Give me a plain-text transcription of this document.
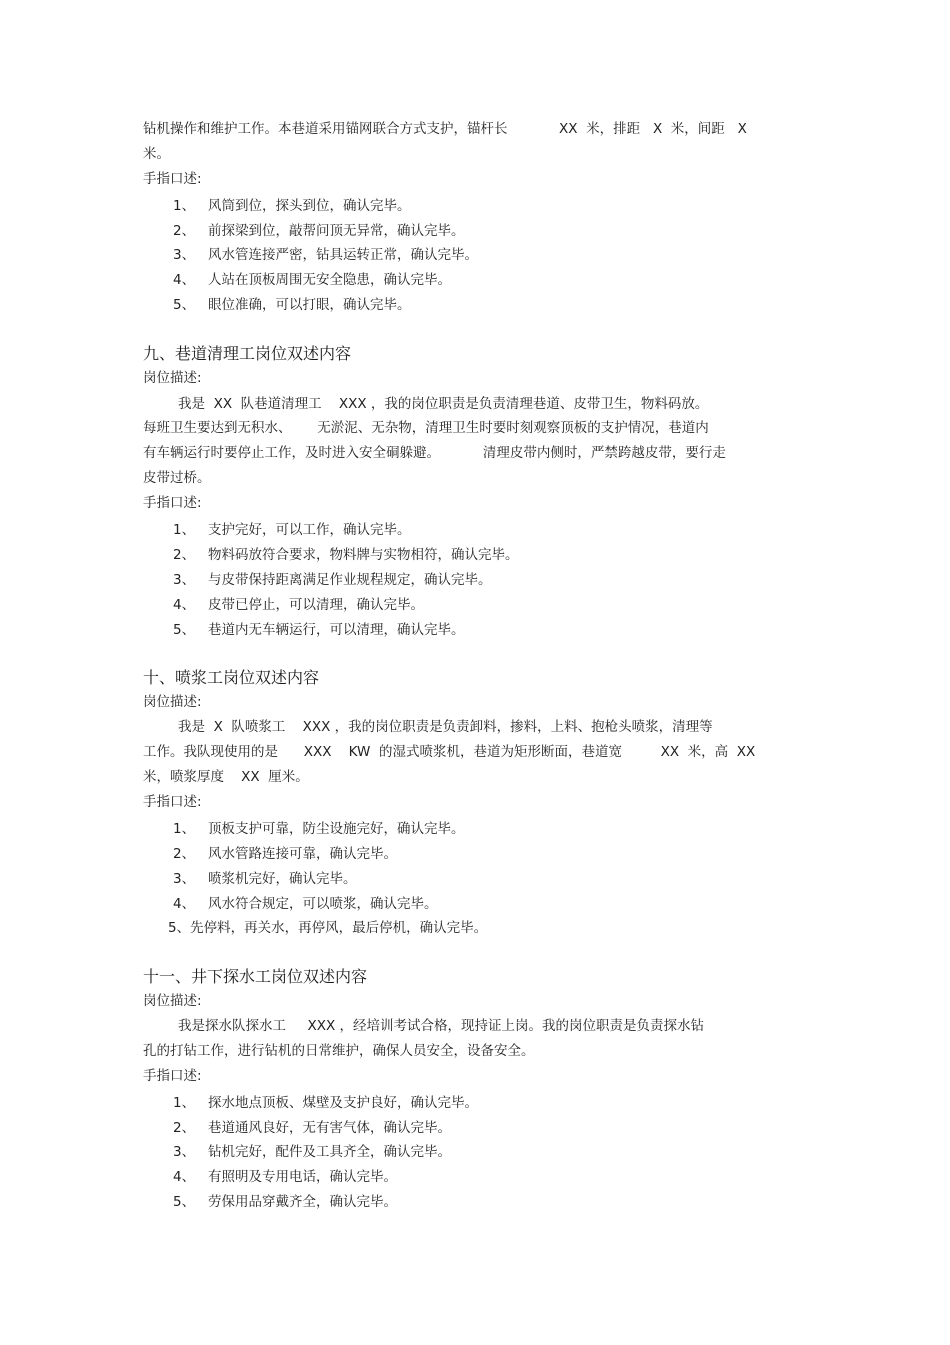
钻机操作和维护工作。本巷道采用锚网联合方式支护，锚杆长            XX  米，排距   X  米，间距   X
米。
手指口述:
1、   风筒到位，探头到位，确认完毕。
2、   前探梁到位，敲帮问顶无异常，确认完毕。
3、   风水管连接严密，钻具运转正常，确认完毕。
4、   人站在顶板周围无安全隐患，确认完毕。
5、   眼位准确，可以打眼，确认完毕。
九、巷道清理工岗位双述内容
岗位描述:
我是  XX  队巷道清理工    XXX ，我的岗位职责是负责清理巷道、皮带卫生，物料码放。
每班卫生要达到无积水、      无淤泥、无杂物，清理卫生时要时刻观察顶板的支护情况，巷道内
有车辆运行时要停止工作，及时进入安全硐躲避。          清理皮带内侧时，严禁跨越皮带，要行走
皮带过桥。
手指口述:
1、   支护完好，可以工作，确认完毕。
2、   物料码放符合要求，物料牌与实物相符，确认完毕。
3、   与皮带保持距离满足作业规程规定，确认完毕。
4、   皮带已停止，可以清理，确认完毕。
5、   巷道内无车辆运行，可以清理，确认完毕。
十、喷浆工岗位双述内容
岗位描述:
我是  X  队喷浆工    XXX ，我的岗位职责是负责卸料，掺料，上料、抱枪头喷浆，清理等
工作。我队现使用的是      XXX    KW  的湿式喷浆机，巷道为矩形断面，巷道宽         XX  米，高  XX
米，喷浆厚度    XX  厘米。
手指口述:
1、   顶板支护可靠，防尘设施完好，确认完毕。
2、   风水管路连接可靠，确认完毕。
3、   喷浆机完好，确认完毕。
4、   风水符合规定，可以喷浆，确认完毕。
5、先停料，再关水，再停风，最后停机，确认完毕。
十一、井下探水工岗位双述内容
岗位描述:
我是探水队探水工     XXX ，经培训考试合格，现持证上岗。我的岗位职责是负责探水钻
孔的打钻工作，进行钻机的日常维护，确保人员安全，设备安全。
手指口述:
1、   探水地点顶板、煤壁及支护良好，确认完毕。
2、   巷道通风良好，无有害气体，确认完毕。
3、   钻机完好，配件及工具齐全，确认完毕。
4、   有照明及专用电话，确认完毕。
5、   劳保用品穿戴齐全，确认完毕。
